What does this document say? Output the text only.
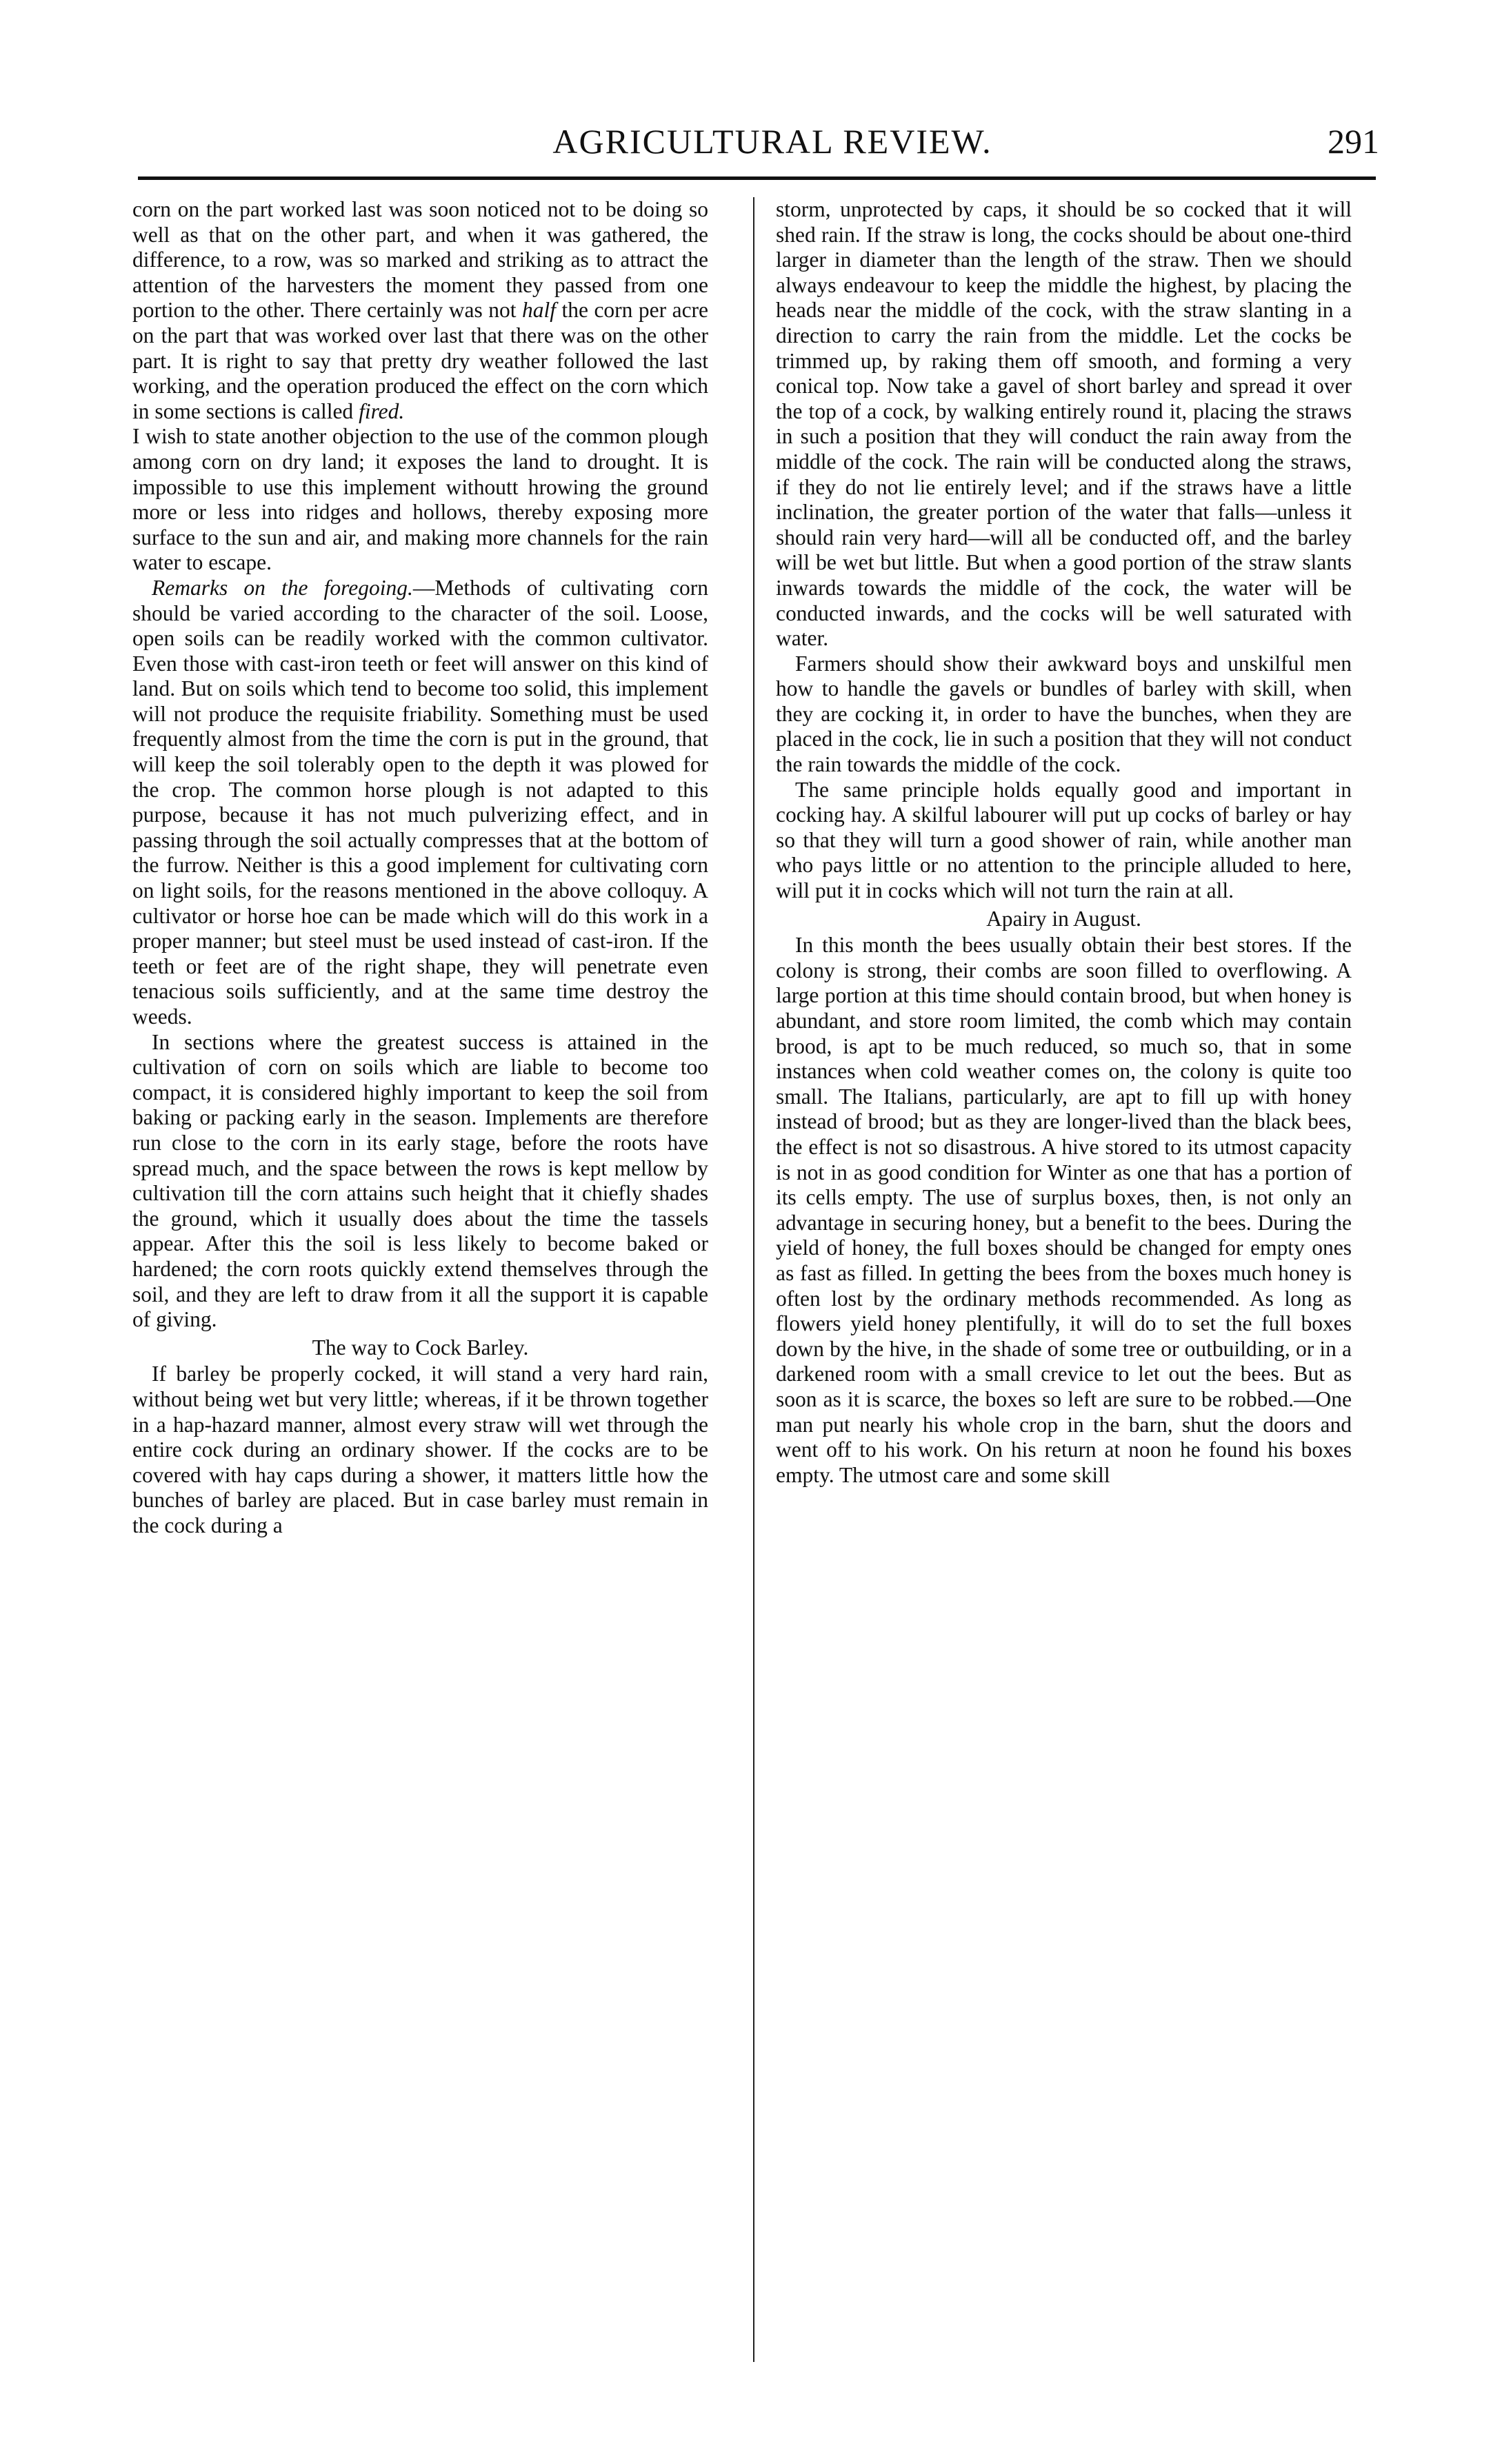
AGRICULTURAL REVIEW.	291

corn on the part worked last was soon noticed not to be doing so well as that on the other part, and when it was gathered, the difference, to a row, was so marked and striking as to attract the attention of the harvesters the moment they passed from one portion to the other. There certainly was not half the corn per acre on the part that was worked over last that there was on the other part. It is right to say that pretty dry weather followed the last working, and the operation produced the effect on the corn which in some sections is called fired.

I wish to state another objection to the use of the common plough among corn on dry land; it exposes the land to drought. It is impossible to use this implement withoutt hrowing the ground more or less into ridges and hollows, thereby exposing more surface to the sun and air, and making more channels for the rain water to escape.

Remarks on the foregoing.—Methods of cultivating corn should be varied according to the character of the soil. Loose, open soils can be readily worked with the common cultivator. Even those with cast-iron teeth or feet will answer on this kind of land. But on soils which tend to become too solid, this implement will not produce the requisite friability. Something must be used frequently almost from the time the corn is put in the ground, that will keep the soil tolerably open to the depth it was plowed for the crop. The common horse plough is not adapted to this purpose, because it has not much pulverizing effect, and in passing through the soil actually compresses that at the bottom of the furrow. Neither is this a good implement for cultivating corn on light soils, for the reasons mentioned in the above colloquy. A cultivator or horse hoe can be made which will do this work in a proper manner; but steel must be used instead of cast-iron. If the teeth or feet are of the right shape, they will penetrate even tenacious soils sufficiently, and at the same time destroy the weeds.

In sections where the greatest success is attained in the cultivation of corn on soils which are liable to become too compact, it is considered highly important to keep the soil from baking or packing early in the season. Implements are therefore run close to the corn in its early stage, before the roots have spread much, and the space between the rows is kept mellow by cultivation till the corn attains such height that it chiefly shades the ground, which it usually does about the time the tassels appear. After this the soil is less likely to become baked or hardened; the corn roots quickly extend themselves through the soil, and they are left to draw from it all the support it is capable of giving.

The way to Cock Barley.

If barley be properly cocked, it will stand a very hard rain, without being wet but very little; whereas, if it be thrown together in a hap-hazard manner, almost every straw will wet through the entire cock during an ordinary shower. If the cocks are to be covered with hay caps during a shower, it matters little how the bunches of barley are placed. But in case barley must remain in the cock during a

storm, unprotected by caps, it should be so cocked that it will shed rain. If the straw is long, the cocks should be about one-third larger in diameter than the length of the straw. Then we should always endeavour to keep the middle the highest, by placing the heads near the middle of the cock, with the straw slanting in a direction to carry the rain from the middle. Let the cocks be trimmed up, by raking them off smooth, and forming a very conical top. Now take a gavel of short barley and spread it over the top of a cock, by walking entirely round it, placing the straws in such a position that they will conduct the rain away from the middle of the cock. The rain will be conducted along the straws, if they do not lie entirely level; and if the straws have a little inclination, the greater portion of the water that falls—unless it should rain very hard—will all be conducted off, and the barley will be wet but little. But when a good portion of the straw slants inwards towards the middle of the cock, the water will be conducted inwards, and the cocks will be well saturated with water.

Farmers should show their awkward boys and unskilful men how to handle the gavels or bundles of barley with skill, when they are cocking it, in order to have the bunches, when they are placed in the cock, lie in such a position that they will not conduct the rain towards the middle of the cock.

The same principle holds equally good and important in cocking hay. A skilful labourer will put up cocks of barley or hay so that they will turn a good shower of rain, while another man who pays little or no attention to the principle alluded to here, will put it in cocks which will not turn the rain at all.

Apairy in August.

In this month the bees usually obtain their best stores. If the colony is strong, their combs are soon filled to overflowing. A large portion at this time should contain brood, but when honey is abundant, and store room limited, the comb which may contain brood, is apt to be much reduced, so much so, that in some instances when cold weather comes on, the colony is quite too small. The Italians, particularly, are apt to fill up with honey instead of brood; but as they are longer-lived than the black bees, the effect is not so disastrous. A hive stored to its utmost capacity is not in as good condition for Winter as one that has a portion of its cells empty. The use of surplus boxes, then, is not only an advantage in securing honey, but a benefit to the bees. During the yield of honey, the full boxes should be changed for empty ones as fast as filled. In getting the bees from the boxes much honey is often lost by the ordinary methods recommended. As long as flowers yield honey plentifully, it will do to set the full boxes down by the hive, in the shade of some tree or outbuilding, or in a darkened room with a small crevice to let out the bees. But as soon as it is scarce, the boxes so left are sure to be robbed.—One man put nearly his whole crop in the barn, shut the doors and went off to his work. On his return at noon he found his boxes empty. The utmost care and some skill
